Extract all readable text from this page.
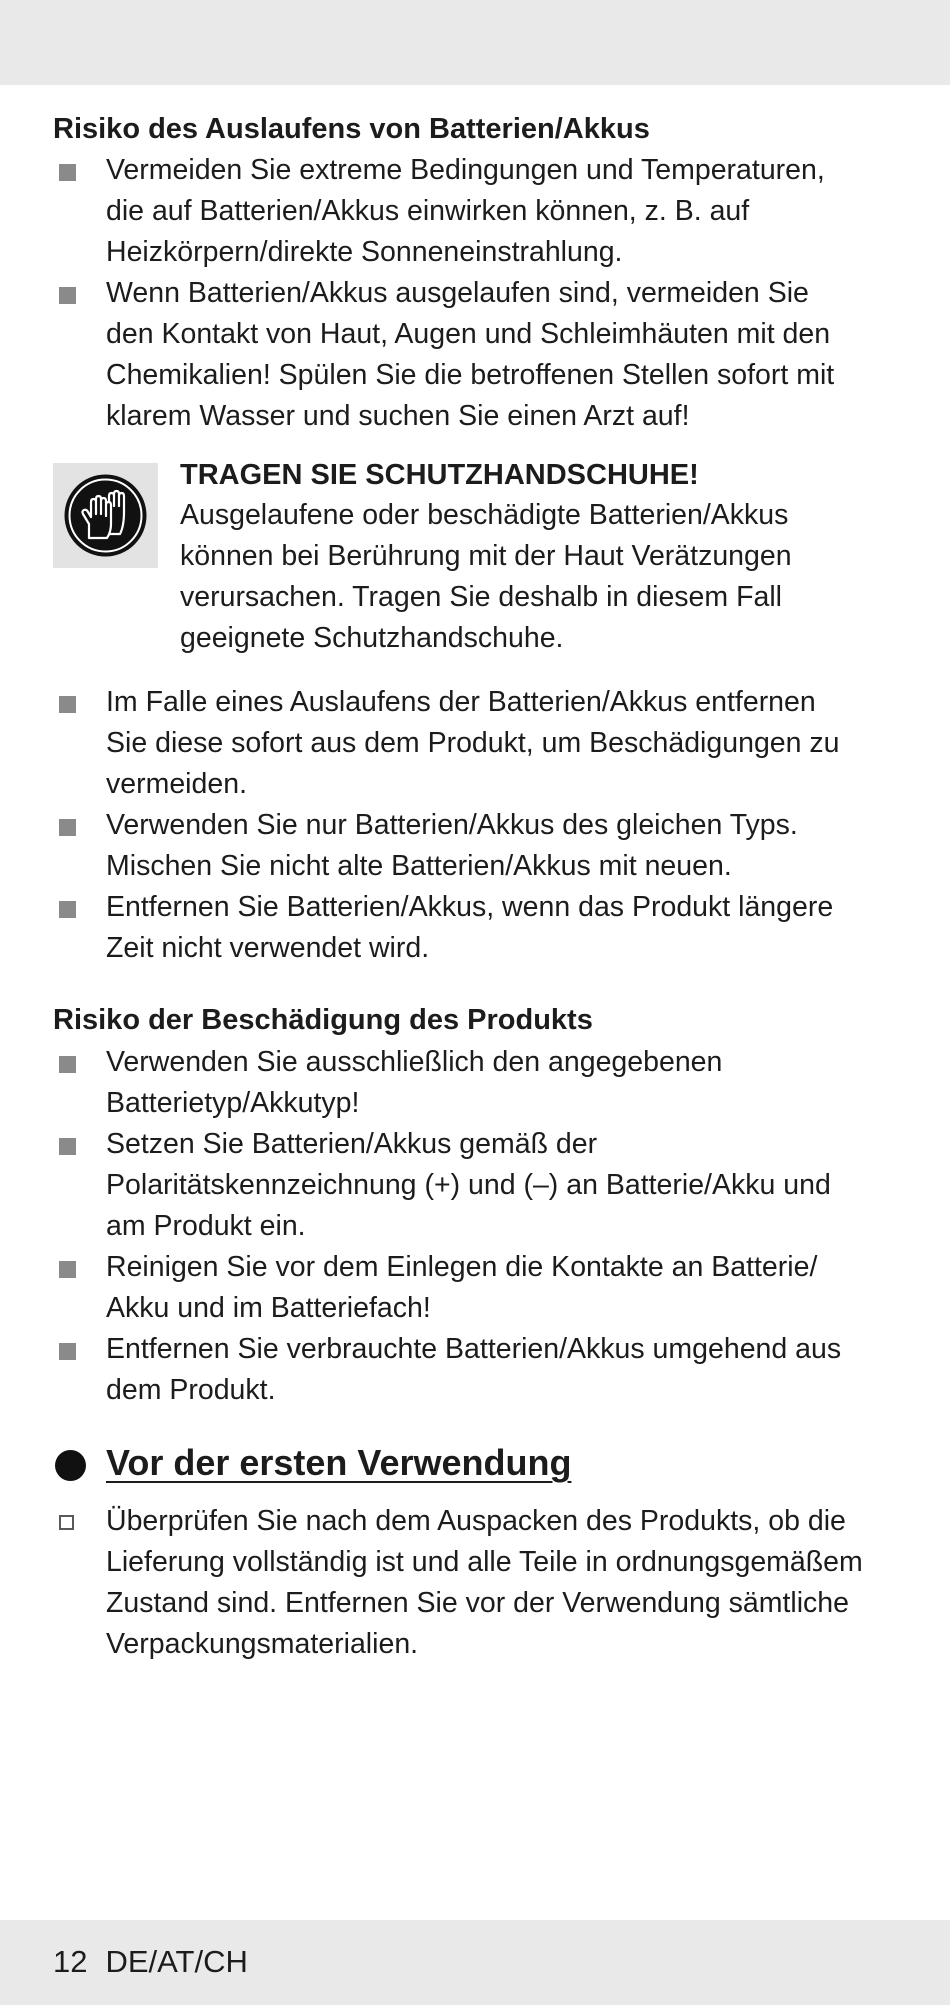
Risiko des Auslaufens von Batterien/Akkus
Vermeiden Sie extreme Bedingungen und Temperaturen,
die auf Batterien/Akkus einwirken können, z. B. auf
Heizkörpern/direkte Sonneneinstrahlung.
Wenn Batterien/Akkus ausgelaufen sind, vermeiden Sie
den Kontakt von Haut, Augen und Schleimhäuten mit den
Chemikalien! Spülen Sie die betroffenen Stellen sofort mit
klarem Wasser und suchen Sie einen Arzt auf!
TRAGEN SIE SCHUTZHANDSCHUHE!
Ausgelaufene oder beschädigte Batterien/Akkus
können bei Berührung mit der Haut Verätzungen
verursachen. Tragen Sie deshalb in diesem Fall
geeignete Schutzhandschuhe.
Im Falle eines Auslaufens der Batterien/Akkus entfernen
Sie diese sofort aus dem Produkt, um Beschädigungen zu
vermeiden.
Verwenden Sie nur Batterien/Akkus des gleichen Typs.
Mischen Sie nicht alte Batterien/Akkus mit neuen.
Entfernen Sie Batterien/Akkus, wenn das Produkt längere
Zeit nicht verwendet wird.
Risiko der Beschädigung des Produkts
Verwenden Sie ausschließlich den angegebenen
Batterietyp/Akkutyp!
Setzen Sie Batterien/Akkus gemäß der
Polaritätskennzeichnung (+) und (–) an Batterie/Akku und
am Produkt ein.
Reinigen Sie vor dem Einlegen die Kontakte an Batterie/
Akku und im Batteriefach!
Entfernen Sie verbrauchte Batterien/Akkus umgehend aus
dem Produkt.
Vor der ersten Verwendung
Überprüfen Sie nach dem Auspacken des Produkts, ob die
Lieferung vollständig ist und alle Teile in ordnungsgemäßem
Zustand sind. Entfernen Sie vor der Verwendung sämtliche
Verpackungsmaterialien.
12 DE/AT/CH
